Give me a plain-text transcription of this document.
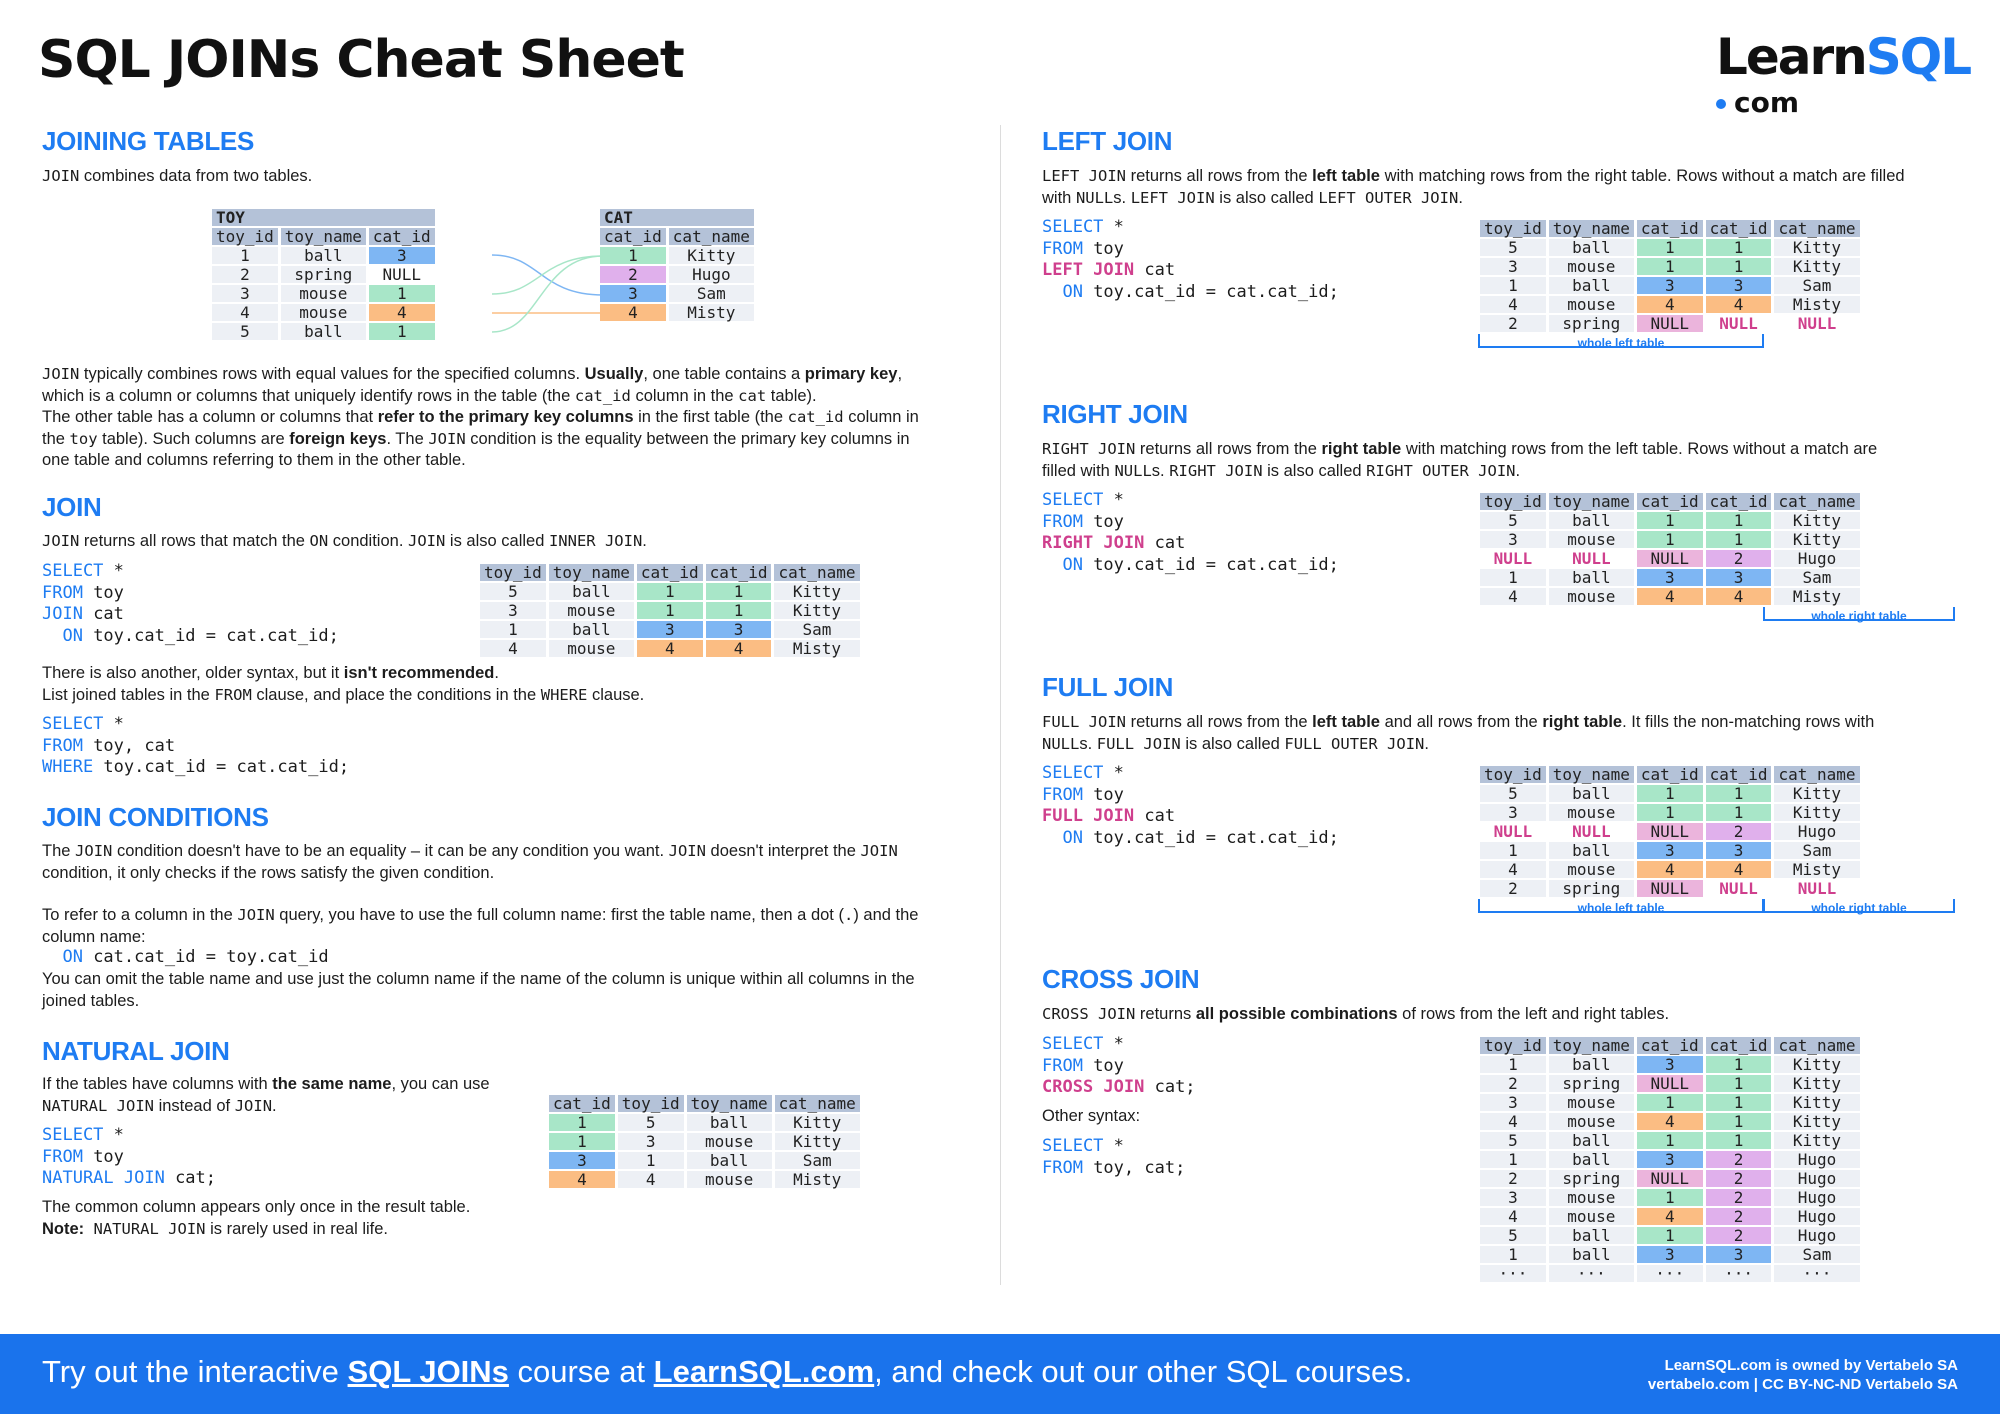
SQL JOINs Cheat Sheet	LearnSQL
com
JOINING TABLES
JOIN combines data from two tables.
TOY		
toy_id	toy_name	cat_id
1	ball	3
2	spring	NULL
3	mouse	1
4	mouse	4
5	ball	1
CAT	
cat_id	cat_name
1	Kitty
2	Hugo
3	Sam
4	Misty
JOIN typically combines rows with equal values for the specified columns. Usually, one table contains a primary key,
which is a column or columns that uniquely identify rows in the table (the cat_id column in the cat table).
The other table has a column or columns that refer to the primary key columns in the first table (the cat_id column in
the toy table). Such columns are foreign keys. The JOIN condition is the equality between the primary key columns in
one table and columns referring to them in the other table.
JOIN
JOIN returns all rows that match the ON condition. JOIN is also called INNER JOIN.
SELECT *
FROM toy
JOIN cat
ON toy.cat_id = cat.cat_id;
toy_id	toy_name	cat_id	cat_id	cat_name
5	ball	1	1	Kitty
3	mouse	1	1	Kitty
1	ball	3	3	Sam
4	mouse	4	4	Misty
There is also another, older syntax, but it isn't recommended.
List joined tables in the FROM clause, and place the conditions in the WHERE clause.
SELECT *
FROM toy, cat
WHERE toy.cat_id = cat.cat_id;
JOIN CONDITIONS
The JOIN condition doesn't have to be an equality – it can be any condition you want. JOIN doesn't interpret the JOIN
condition, it only checks if the rows satisfy the given condition.
To refer to a column in the JOIN query, you have to use the full column name: first the table name, then a dot (.) and the
column name:
ON cat.cat_id = toy.cat_id
You can omit the table name and use just the column name if the name of the column is unique within all columns in the
joined tables.
NATURAL JOIN
If the tables have columns with the same name, you can use
NATURAL JOIN instead of JOIN.
SELECT *
FROM toy
NATURAL JOIN cat;
cat_id	toy_id	toy_name	cat_name
1	5	ball	Kitty
1	3	mouse	Kitty
3	1	ball	Sam
4	4	mouse	Misty
The common column appears only once in the result table.
Note: NATURAL JOIN is rarely used in real life.
LEFT JOIN
LEFT JOIN returns all rows from the left table with matching rows from the right table. Rows without a match are filled
with NULLs. LEFT JOIN is also called LEFT OUTER JOIN.
SELECT *
FROM toy
LEFT JOIN cat
ON toy.cat_id = cat.cat_id;
toy_id	toy_name	cat_id	cat_id	cat_name
5	ball	1	1	Kitty
3	mouse	1	1	Kitty
1	ball	3	3	Sam
4	mouse	4	4	Misty
2	spring	NULL	NULL	NULL
whole left table
RIGHT JOIN
RIGHT JOIN returns all rows from the right table with matching rows from the left table. Rows without a match are
filled with NULLs. RIGHT JOIN is also called RIGHT OUTER JOIN.
SELECT *
FROM toy
RIGHT JOIN cat
ON toy.cat_id = cat.cat_id;
toy_id	toy_name	cat_id	cat_id	cat_name
5	ball	1	1	Kitty
3	mouse	1	1	Kitty
NULL	NULL	NULL	2	Hugo
1	ball	3	3	Sam
4	mouse	4	4	Misty
whole right table
FULL JOIN
FULL JOIN returns all rows from the left table and all rows from the right table. It fills the non-matching rows with
NULLs. FULL JOIN is also called FULL OUTER JOIN.
SELECT *
FROM toy
FULL JOIN cat
ON toy.cat_id = cat.cat_id;
toy_id	toy_name	cat_id	cat_id	cat_name
5	ball	1	1	Kitty
3	mouse	1	1	Kitty
NULL	NULL	NULL	2	Hugo
1	ball	3	3	Sam
4	mouse	4	4	Misty
2	spring	NULL	NULL	NULL
whole left table	whole right table
CROSS JOIN
CROSS JOIN returns all possible combinations of rows from the left and right tables.
SELECT *
FROM toy
CROSS JOIN cat;
Other syntax:
SELECT *
FROM toy, cat;
toy_id	toy_name	cat_id	cat_id	cat_name
1	ball	3	1	Kitty
2	spring	NULL	1	Kitty
3	mouse	1	1	Kitty
4	mouse	4	1	Kitty
5	ball	1	1	Kitty
1	ball	3	2	Hugo
2	spring	NULL	2	Hugo
3	mouse	1	2	Hugo
4	mouse	4	2	Hugo
5	ball	1	2	Hugo
1	ball	3	3	Sam
···	···	···	···	···
Try out the interactive SQL JOINs course at LearnSQL.com, and check out our other SQL courses.	LearnSQL.com is owned by Vertabelo SA
vertabelo.com | CC BY-NC-ND Vertabelo SA
